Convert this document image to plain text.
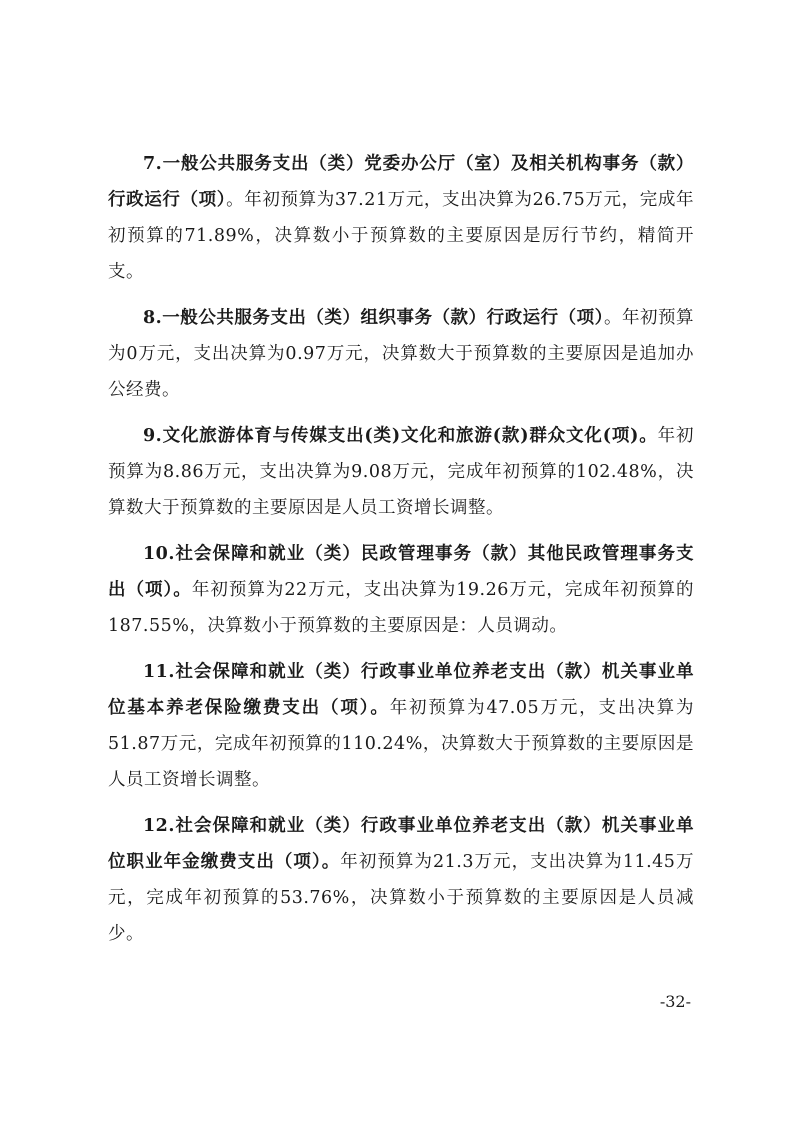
7.一般公共服务支出（类）党委办公厅（室）及相关机构事务（款）行政运行（项）。年初预算为37.21万元，支出决算为26.75万元，完成年初预算的71.89%，决算数小于预算数的主要原因是厉行节约，精简开支。

8.一般公共服务支出（类）组织事务（款）行政运行（项）。年初预算为0万元，支出决算为0.97万元，决算数大于预算数的主要原因是追加办公经费。

9.文化旅游体育与传媒支出(类)文化和旅游(款)群众文化(项)。年初预算为8.86万元，支出决算为9.08万元，完成年初预算的102.48%，决算数大于预算数的主要原因是人员工资增长调整。

10.社会保障和就业（类）民政管理事务（款）其他民政管理事务支出（项）。年初预算为22万元，支出决算为19.26万元，完成年初预算的187.55%，决算数小于预算数的主要原因是：人员调动。

11.社会保障和就业（类）行政事业单位养老支出（款）机关事业单位基本养老保险缴费支出（项）。年初预算为47.05万元，支出决算为51.87万元，完成年初预算的110.24%，决算数大于预算数的主要原因是人员工资增长调整。

12.社会保障和就业（类）行政事业单位养老支出（款）机关事业单位职业年金缴费支出（项）。年初预算为21.3万元，支出决算为11.45万元，完成年初预算的53.76%，决算数小于预算数的主要原因是人员减少。

-32-
